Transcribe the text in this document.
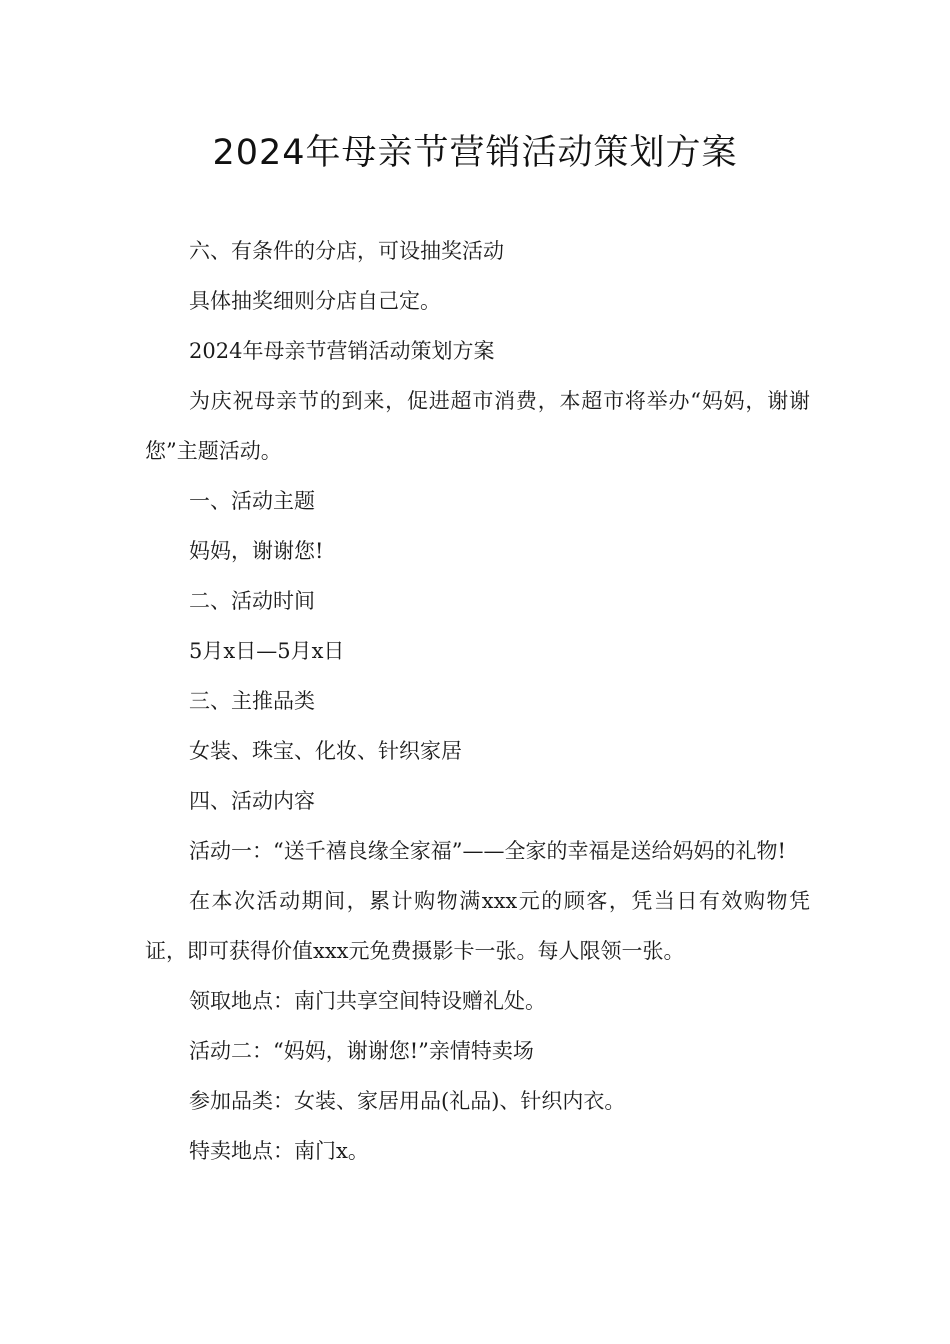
2024年母亲节营销活动策划方案

六、有条件的分店，可设抽奖活动

具体抽奖细则分店自己定。

2024年母亲节营销活动策划方案

为庆祝母亲节的到来，促进超市消费，本超市将举办“妈妈，谢谢您”主题活动。

一、活动主题

妈妈，谢谢您!

二、活动时间

5月x日—5月x日

三、主推品类

女装、珠宝、化妆、针织家居

四、活动内容

活动一：“送千禧良缘全家福”——全家的幸福是送给妈妈的礼物!

在本次活动期间，累计购物满xxx元的顾客，凭当日有效购物凭证，即可获得价值xxx元免费摄影卡一张。每人限领一张。

领取地点：南门共享空间特设赠礼处。

活动二：“妈妈，谢谢您!”亲情特卖场

参加品类：女装、家居用品(礼品)、针织内衣。

特卖地点：南门x。
